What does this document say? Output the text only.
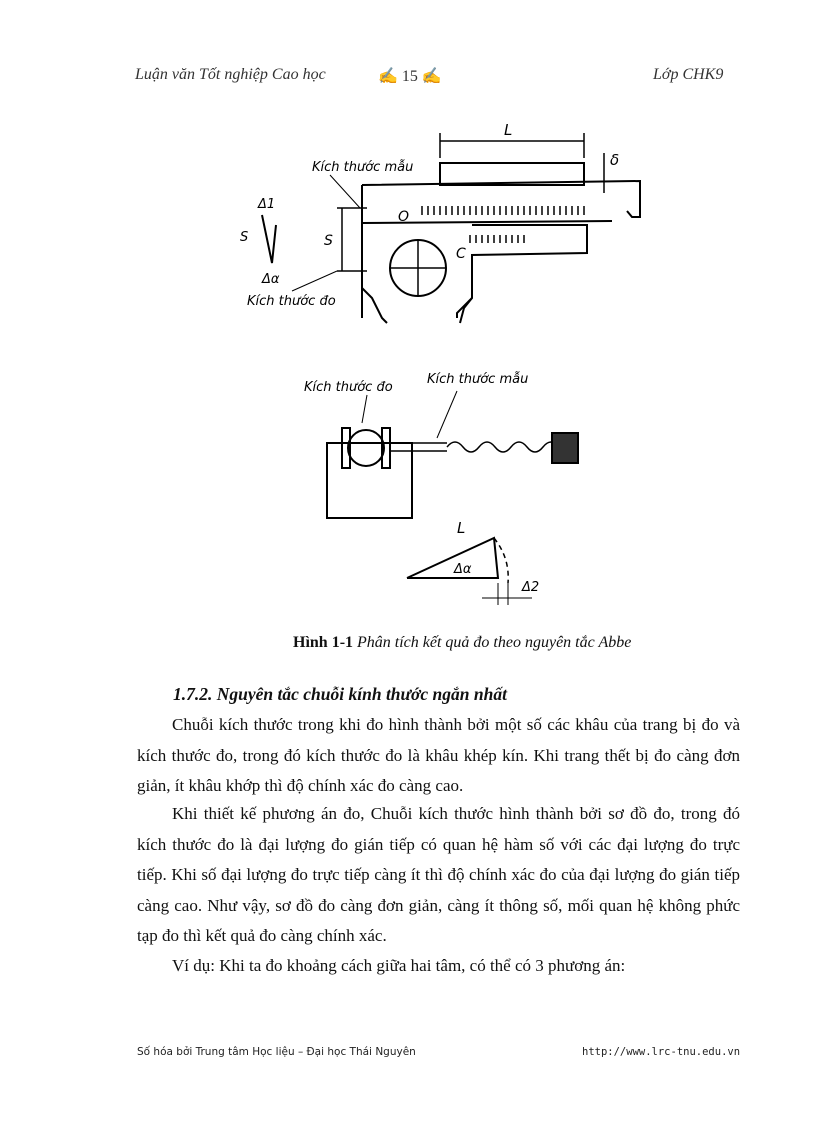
Luận văn Tốt nghiệp Cao học	✍ 15 ✍	Lớp CHK9
L
δ
O
C
S
Kích thước mẫu
Kích thước đo
Δ1
S
Δα
Kích thước đo
Kích thước mẫu
L
Δα
Δ2
Hình 1-1 Phân tích kết quả đo theo nguyên tắc Abbe
1.7.2. Nguyên tắc chuỗi kính thước ngắn nhất

Chuỗi kích thước trong khi đo hình thành bởi một số các khâu của trang bị đo và kích thước đo, trong đó kích thước đo là khâu khép kín. Khi trang thết bị đo càng đơn giản, ít khâu khớp thì độ chính xác đo càng cao.

Khi thiết kế phương án đo, Chuỗi kích thước hình thành bởi sơ đồ đo, trong đó kích thước đo là đại lượng đo gián tiếp có quan hệ hàm số với các đại lượng đo trực tiếp. Khi số đại lượng đo trực tiếp càng ít thì độ chính xác đo của đại lượng đo gián tiếp càng cao. Như vậy, sơ đồ đo càng đơn giản, càng ít thông số, mối quan hệ không phức tạp đo thì kết quả đo càng chính xác.

Ví dụ: Khi ta đo khoảng cách giữa hai tâm, có thể có 3 phương án:

Số hóa bởi Trung tâm Học liệu – Đại học Thái Nguyên	http://www.lrc-tnu.edu.vn
